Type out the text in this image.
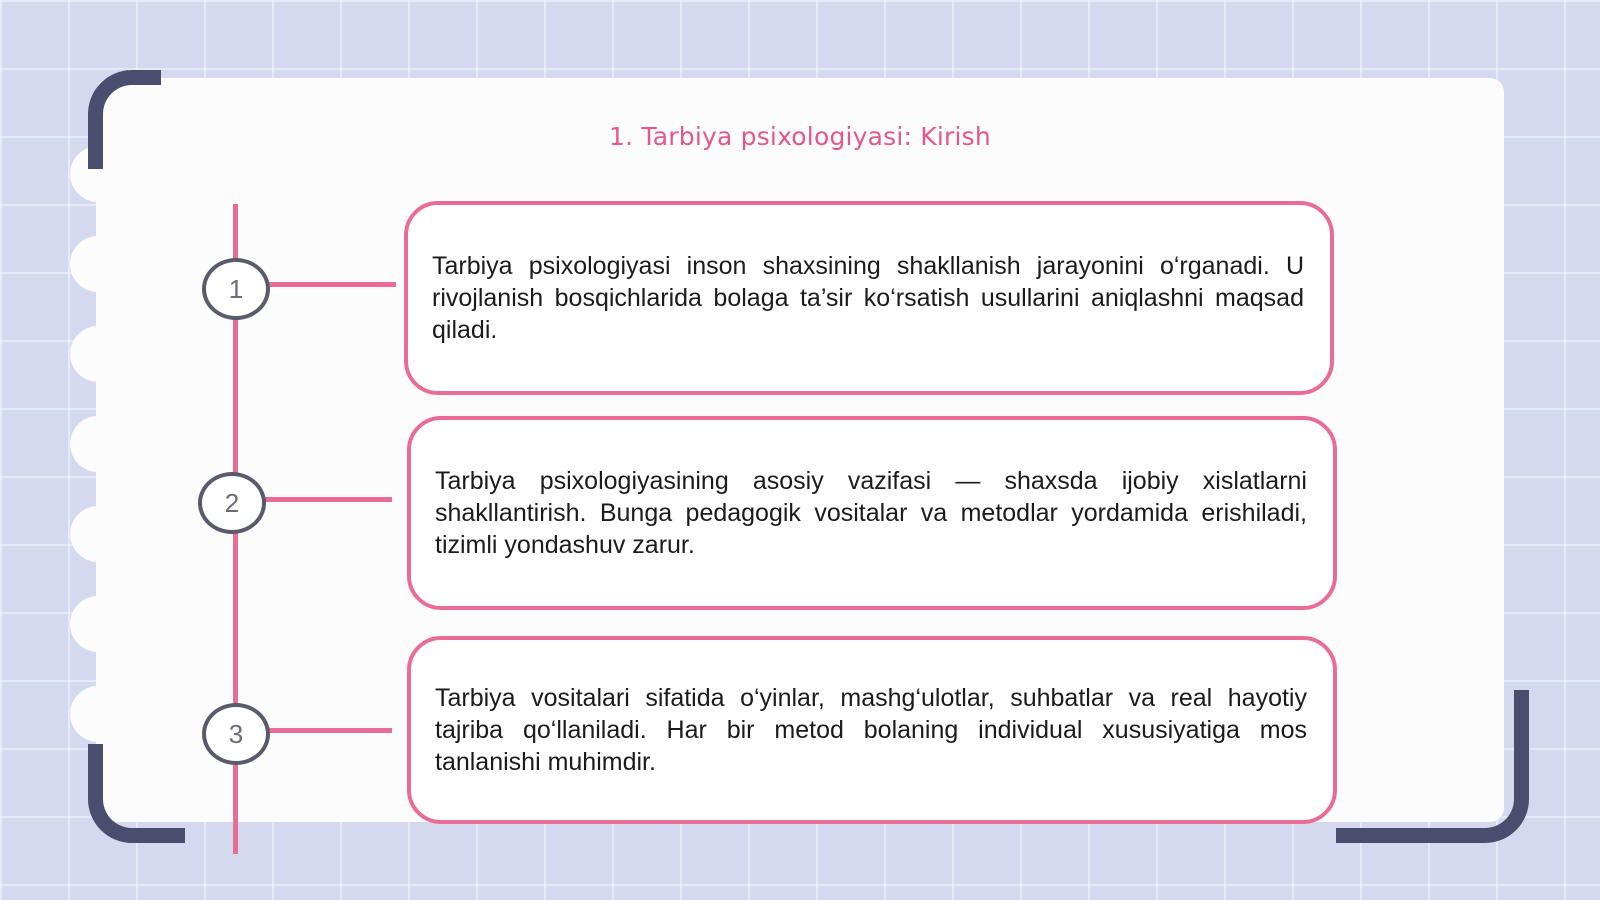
1. Tarbiya psixologiyasi: Kirish
1
2
3

Tarbiya psixologiyasi inson shaxsining shakllanish jarayonini o‘rganadi. U rivojlanish bosqichlarida bolaga ta’sir ko‘rsatish usullarini aniqlashni maqsad qiladi.

Tarbiya psixologiyasining asosiy vazifasi — shaxsda ijobiy xislatlarni shakllantirish. Bunga pedagogik vositalar va metodlar yordamida erishiladi, tizimli yondashuv zarur.

Tarbiya vositalari sifatida o‘yinlar, mashg‘ulotlar, suhbatlar va real hayotiy tajriba qo‘llaniladi. Har bir metod bolaning individual xususiyatiga mos tanlanishi muhimdir.
